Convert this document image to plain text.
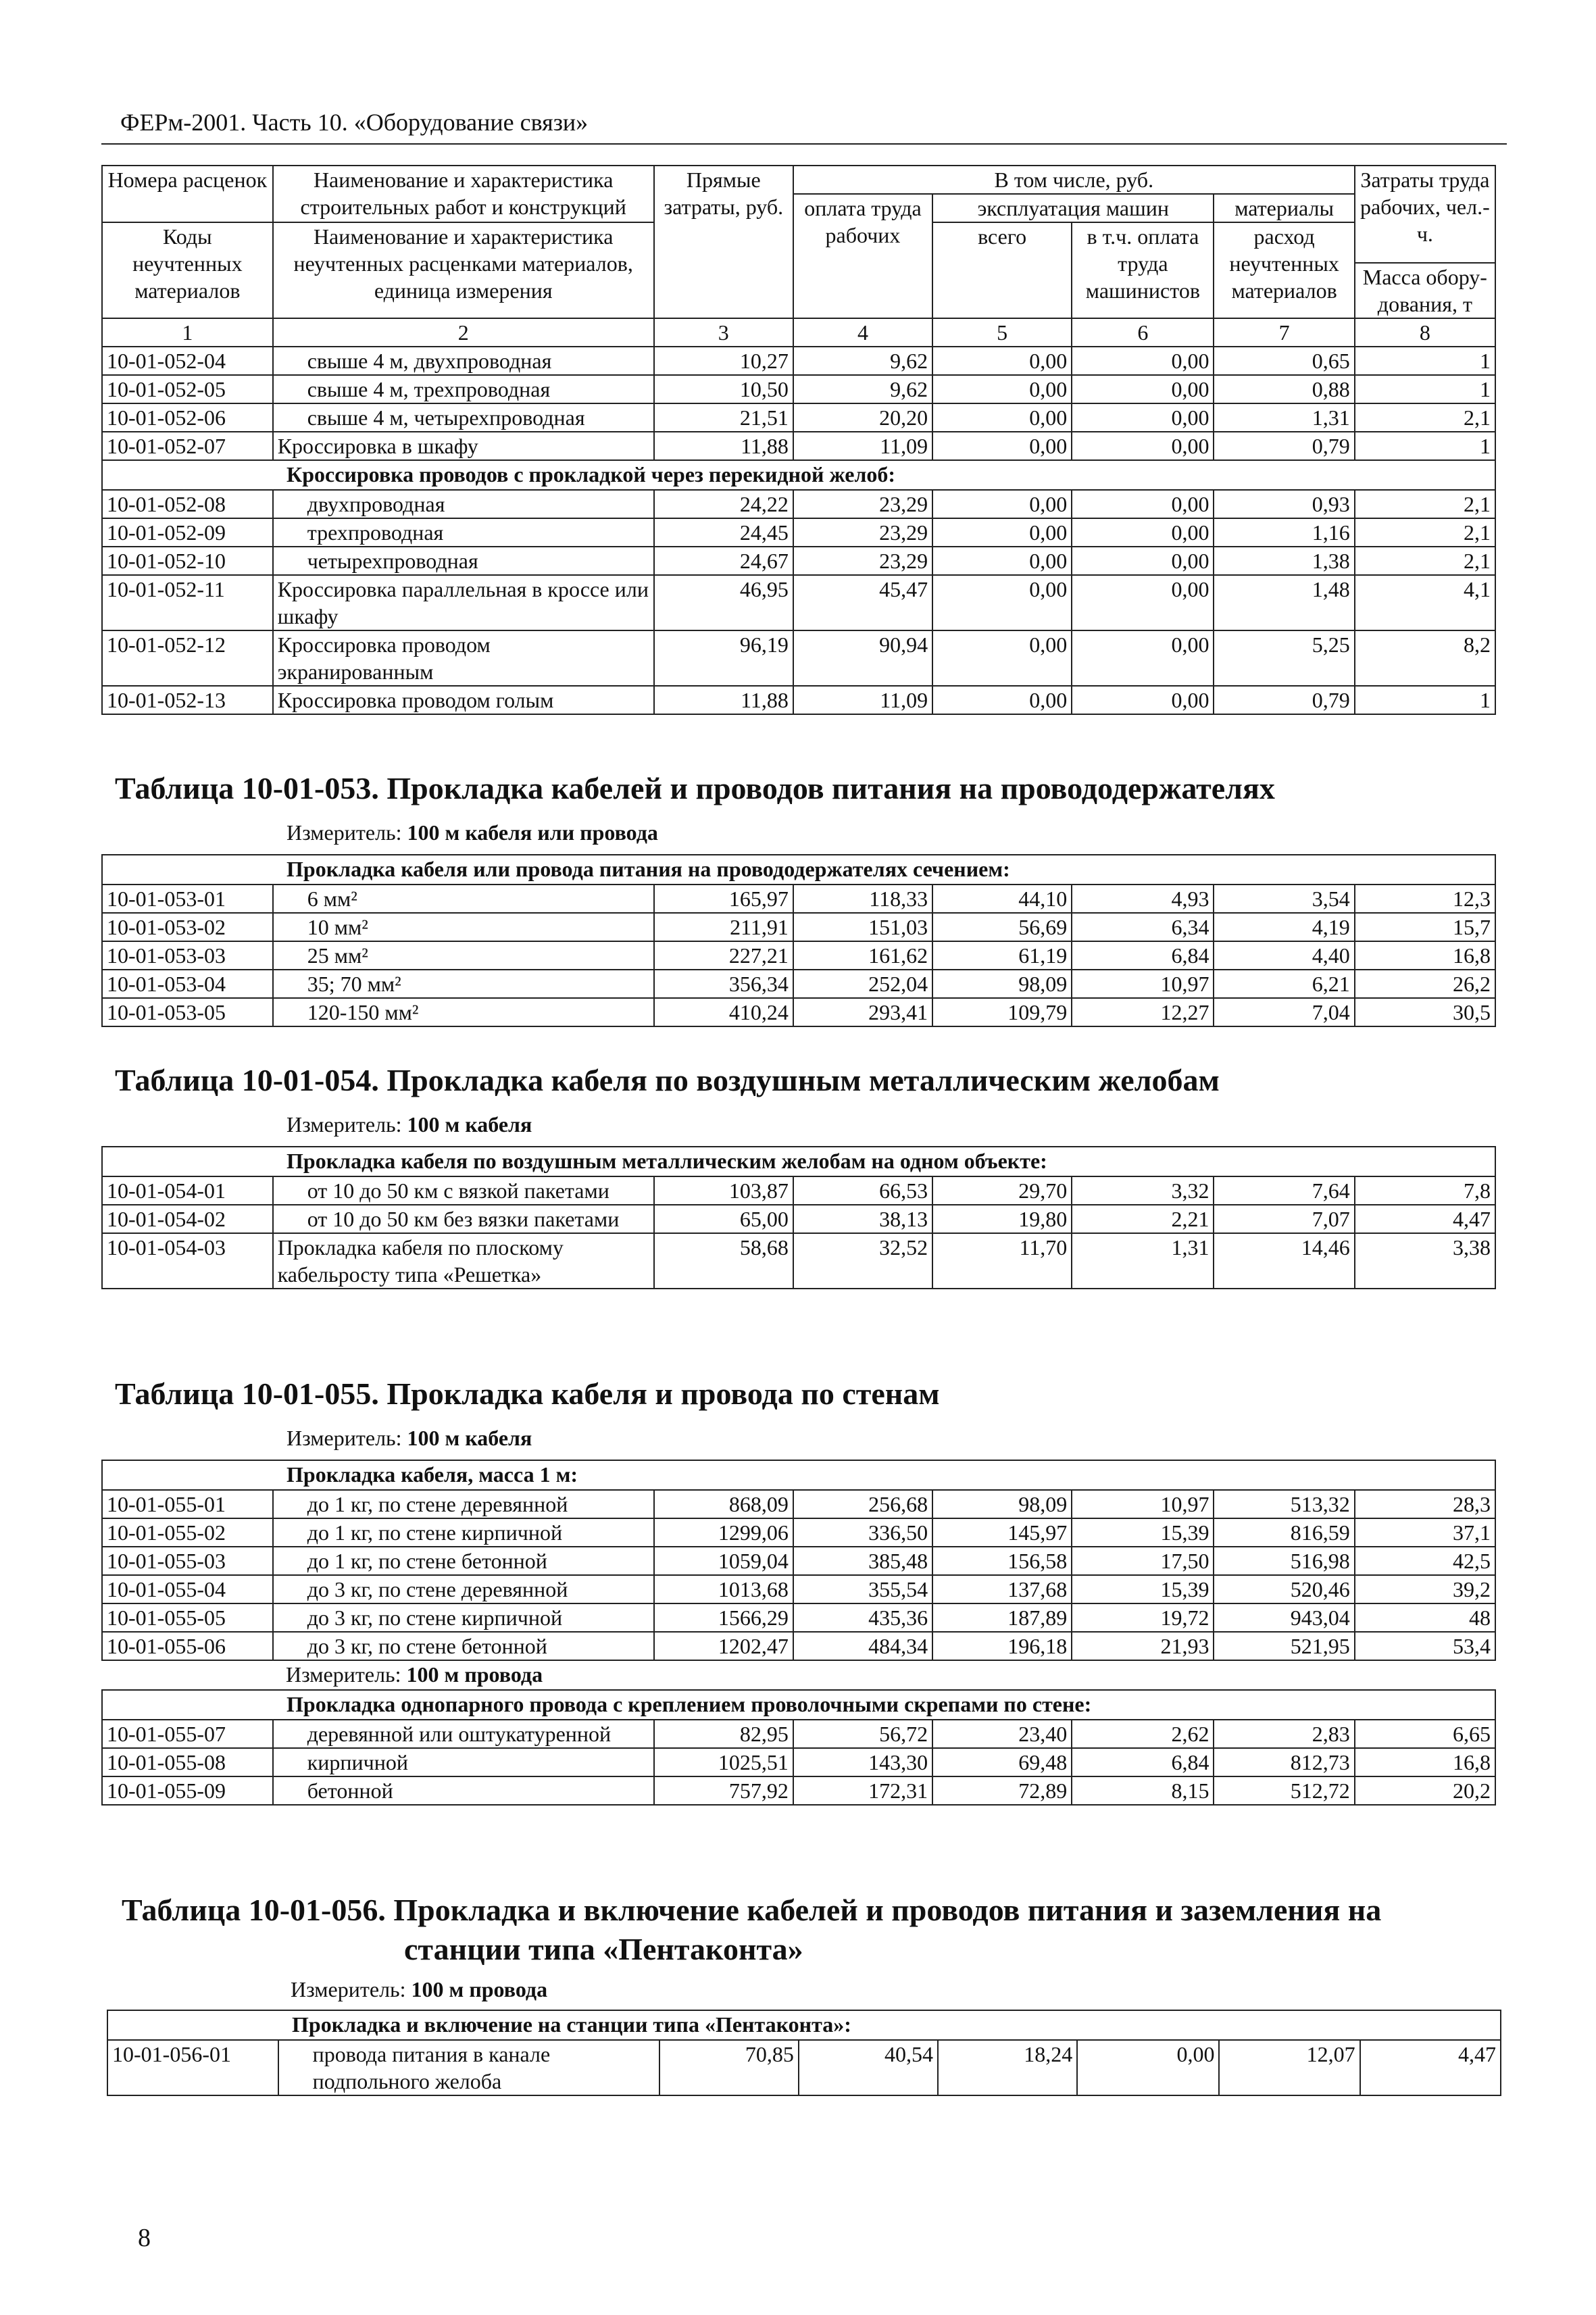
ФЕРм-2001. Часть 10. «Оборудование связи»
Номера расценок	Наименование и характеристика строительных работ и конструкций	Прямые затраты, руб.	В том числе, руб.				Затраты труда рабочих, чел.-ч.
			оплата труда рабочих	эксплуатация машин		материалы	
Коды неучтенных материалов	Наименование и характеристика неучтенных расценками материалов, единица измерения			всего	в т.ч. оплата труда машинистов	расход неучтенных материалов	
							Масса обору-дования, т
1	2	3	4	5	6	7	8
10-01-052-04	свыше 4 м, двухпроводная	10,27	9,62	0,00	0,00	0,65	1
10-01-052-05	свыше 4 м, трехпроводная	10,50	9,62	0,00	0,00	0,88	1
10-01-052-06	свыше 4 м, четырехпроводная	21,51	20,20	0,00	0,00	1,31	2,1
10-01-052-07	Кроссировка в шкафу	11,88	11,09	0,00	0,00	0,79	1
Кроссировка проводов с прокладкой через перекидной желоб:							
10-01-052-08	двухпроводная	24,22	23,29	0,00	0,00	0,93	2,1
10-01-052-09	трехпроводная	24,45	23,29	0,00	0,00	1,16	2,1
10-01-052-10	четырехпроводная	24,67	23,29	0,00	0,00	1,38	2,1
10-01-052-11	Кроссировка параллельная в кроссе или шкафу	46,95	45,47	0,00	0,00	1,48	4,1
10-01-052-12	Кроссировка проводом экранированным	96,19	90,94	0,00	0,00	5,25	8,2
10-01-052-13	Кроссировка проводом голым	11,88	11,09	0,00	0,00	0,79	1
Таблица 10-01-053. Прокладка кабелей и проводов питания на провододержателях
Измеритель: 100 м кабеля или провода
Прокладка кабеля или провода питания на провододержателях сечением:							
10-01-053-01	6 мм²	165,97	118,33	44,10	4,93	3,54	12,3
10-01-053-02	10 мм²	211,91	151,03	56,69	6,34	4,19	15,7
10-01-053-03	25 мм²	227,21	161,62	61,19	6,84	4,40	16,8
10-01-053-04	35; 70 мм²	356,34	252,04	98,09	10,97	6,21	26,2
10-01-053-05	120-150 мм²	410,24	293,41	109,79	12,27	7,04	30,5
Таблица 10-01-054. Прокладка кабеля по воздушным металлическим желобам
Измеритель: 100 м кабеля
Прокладка кабеля по воздушным металлическим желобам на одном объекте:							
10-01-054-01	от 10 до 50 км с вязкой пакетами	103,87	66,53	29,70	3,32	7,64	7,8
10-01-054-02	от 10 до 50 км без вязки пакетами	65,00	38,13	19,80	2,21	7,07	4,47
10-01-054-03	Прокладка кабеля по плоскому кабельросту типа «Решетка»	58,68	32,52	11,70	1,31	14,46	3,38
Таблица 10-01-055. Прокладка кабеля и провода по стенам
Измеритель: 100 м кабеля
Прокладка кабеля, масса 1 м:							
10-01-055-01	до 1 кг, по стене деревянной	868,09	256,68	98,09	10,97	513,32	28,3
10-01-055-02	до 1 кг, по стене кирпичной	1299,06	336,50	145,97	15,39	816,59	37,1
10-01-055-03	до 1 кг, по стене бетонной	1059,04	385,48	156,58	17,50	516,98	42,5
10-01-055-04	до 3 кг, по стене деревянной	1013,68	355,54	137,68	15,39	520,46	39,2
10-01-055-05	до 3 кг, по стене кирпичной	1566,29	435,36	187,89	19,72	943,04	48
10-01-055-06	до 3 кг, по стене бетонной	1202,47	484,34	196,18	21,93	521,95	53,4
Измеритель: 100 м провода							
Прокладка однопарного провода с креплением проволочными скрепами по стене:							
10-01-055-07	деревянной или оштукатуренной	82,95	56,72	23,40	2,62	2,83	6,65
10-01-055-08	кирпичной	1025,51	143,30	69,48	6,84	812,73	16,8
10-01-055-09	бетонной	757,92	172,31	72,89	8,15	512,72	20,2
Таблица 10-01-056. Прокладка и включение кабелей и проводов питания и заземления на
станции типа «Пентаконта»
Измеритель: 100 м провода
Прокладка и включение на станции типа «Пентаконта»:
10-01-056-01	провода питания в канале подпольного желоба	70,85	40,54	18,24	0,00	12,07	4,47
8
